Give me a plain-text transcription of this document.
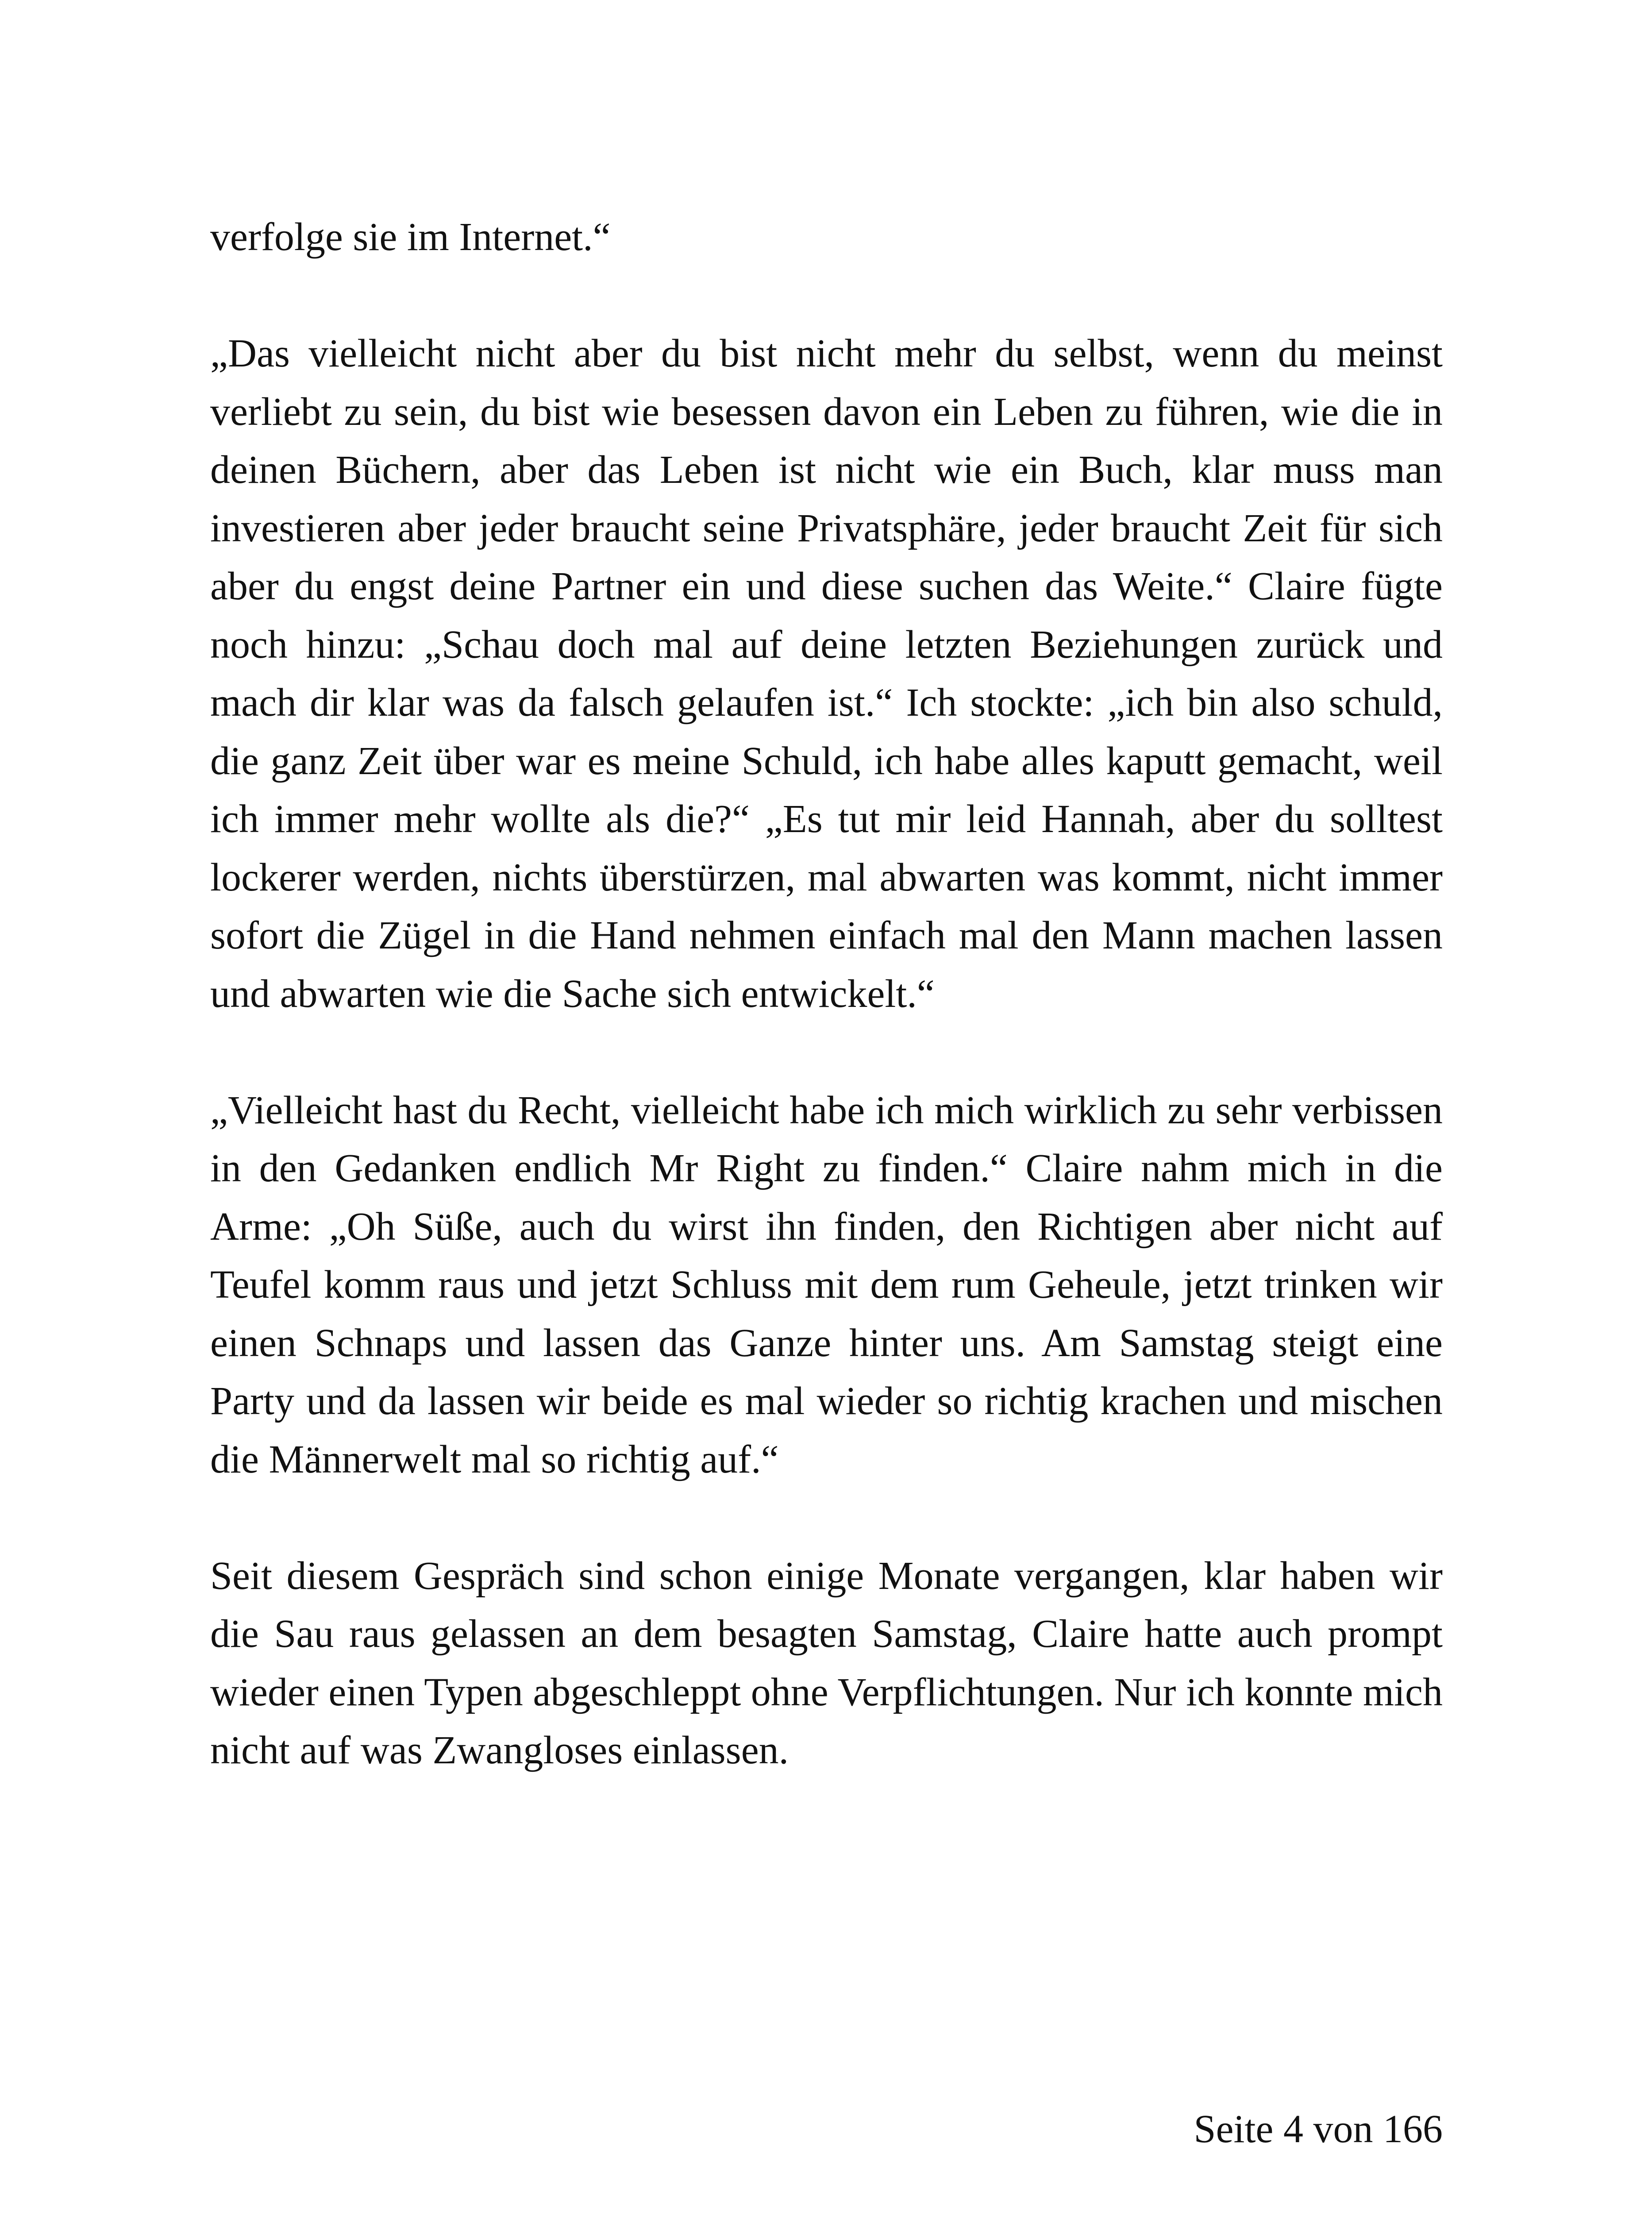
verfolge sie im Internet.“

„Das vielleicht nicht aber du bist nicht mehr du selbst, wenn du meinst verliebt zu sein, du bist wie besessen davon ein Leben zu führen, wie die in deinen Büchern, aber das Leben ist nicht wie ein Buch, klar muss man investieren aber jeder braucht seine Privatsphäre, jeder braucht Zeit für sich aber du engst deine Partner ein und diese suchen das Weite.“ Claire fügte noch hinzu: „Schau doch mal auf deine letzten Beziehungen zurück und mach dir klar was da falsch gelaufen ist.“ Ich stockte: „ich bin also schuld, die ganz Zeit über war es meine Schuld, ich habe alles kaputt gemacht, weil ich immer mehr wollte als die?“ „Es tut mir leid Hannah, aber du solltest lockerer werden, nichts überstürzen, mal abwarten was kommt, nicht immer sofort die Zügel in die Hand nehmen einfach mal den Mann machen lassen und abwarten wie die Sache sich entwickelt.“

„Vielleicht hast du Recht, vielleicht habe ich mich wirklich zu sehr verbissen in den Gedanken endlich Mr Right zu finden.“ Claire nahm mich in die Arme: „Oh Süße, auch du wirst ihn finden, den Richtigen aber nicht auf Teufel komm raus und jetzt Schluss mit dem rum Geheule, jetzt trinken wir einen Schnaps und lassen das Ganze hinter uns. Am Samstag steigt eine Party und da lassen wir beide es mal wieder so richtig krachen und mischen die Männerwelt mal so richtig auf.“

Seit diesem Gespräch sind schon einige Monate vergangen, klar haben wir die Sau raus gelassen an dem besagten Samstag, Claire hatte auch prompt wieder einen Typen abgeschleppt ohne Verpflichtungen. Nur ich konnte mich nicht auf was Zwangloses einlassen.

Seite 4 von 166
